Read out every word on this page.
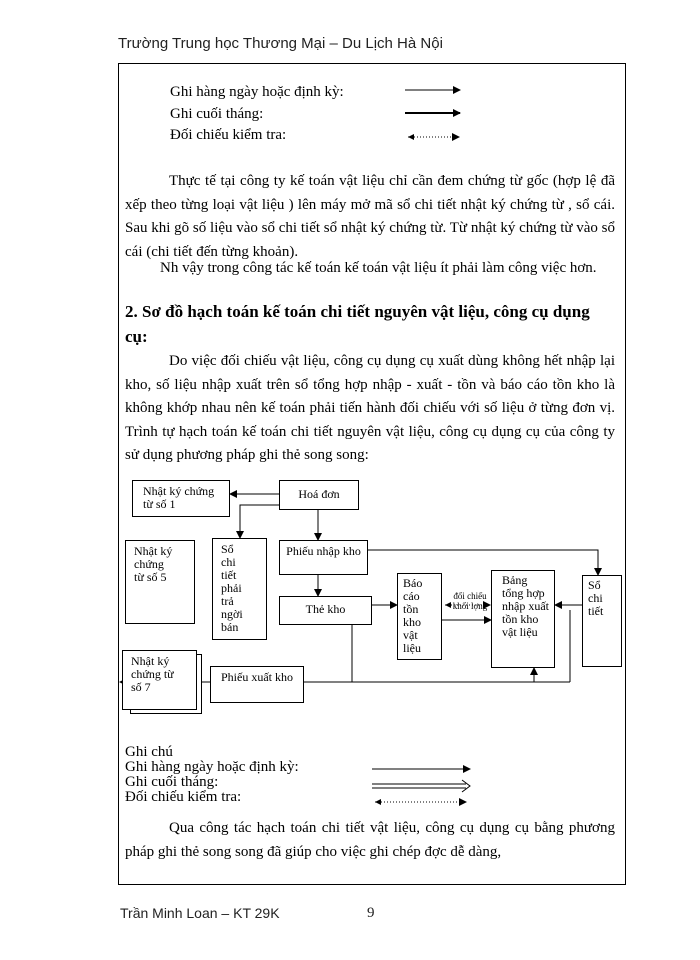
Trường Trung học Thương Mại – Du Lịch Hà Nội
Ghi hàng ngày hoặc định kỳ:
Ghi cuối tháng:
Đối chiếu kiểm tra:
Thực tế tại công ty kế toán vật liệu chỉ cần đem chứng từ gốc (hợp lệ đã xếp theo từng loại vật liệu ) lên máy mở mã sổ chi tiết nhật ký chứng từ , sổ cái. Sau khi gõ số liệu vào sổ chi tiết sổ nhật ký chứng từ. Từ nhật ký chứng từ vào sổ cái (chi tiết đến từng khoản).
Nh vậy trong công tác kế toán kế toán vật liệu ít phải làm công việc hơn.
2. Sơ đồ hạch toán kế toán chi tiết nguyên vật liệu, công cụ dụng cụ:
Do việc đối chiếu vật liệu, công cụ dụng cụ xuất dùng không hết nhập lại kho, số liệu nhập xuất trên sổ tổng hợp nhập - xuất - tồn và báo cáo tồn kho là không khớp nhau nên kế toán phải tiến hành đối chiếu với số liệu ở từng đơn vị. Trình tự hạch toán kế toán chi tiết nguyên vật liệu, công cụ dụng cụ của công ty sử dụng phương pháp ghi thẻ song song:
Hoá đơn
Nhật ký chứng từ số 1
Nhật ký chứng từ số 5
Sổ chi tiết phải trả ngời bán
Phiếu nhập kho
Thẻ kho
Báo cáo tồn kho vật liệu
đối chiếu khối lợng
Bảng tổng hợp nhập xuất tồn kho vật liệu
Sổ chi tiết
Nhật ký chứng từ số 7
Phiếu xuất kho
Ghi chú
Ghi hàng ngày hoặc định kỳ:
Ghi cuối tháng:
Đối chiếu kiểm tra:
Qua công tác hạch toán chi tiết vật liệu, công cụ dụng cụ bằng phương pháp ghi thẻ song song đã giúp cho việc ghi chép đợc dễ dàng,
Trần Minh Loan – KT 29K	9
